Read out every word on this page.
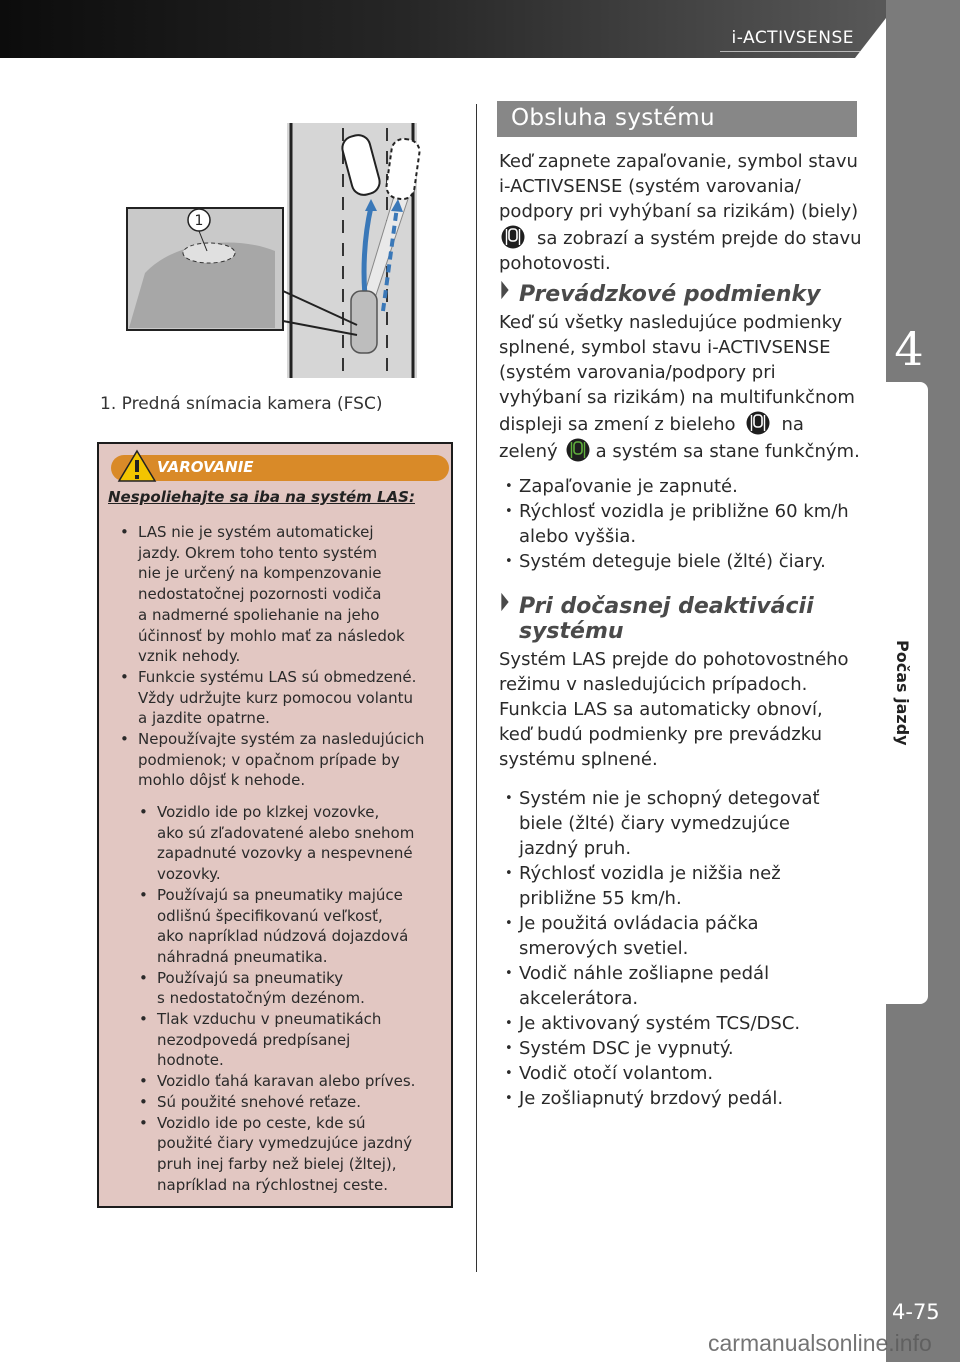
i-ACTIVSENSE
4
Počas jazdy
4-75
carmanualsonline.info
1
1. Predná snímacia kamera (FSC)
VAROVANIE
Nespoliehajte sa iba na systém LAS:
• LAS nie je systém automatickej
jazdy. Okrem toho tento systém
nie je určený na kompenzovanie
nedostatočnej pozornosti vodiča
a nadmerné spoliehanie na jeho
účinnosť by mohlo mať za následok
vznik nehody.
• Funkcie systému LAS sú obmedzené.
Vždy udržujte kurz pomocou volantu
a jazdite opatrne.
• Nepoužívajte systém za nasledujúcich
podmienok; v opačnom prípade by
mohlo dôjsť k nehode.
• Vozidlo ide po klzkej vozovke,
ako sú zľadovatené alebo snehom
zapadnuté vozovky a nespevnené
vozovky.
• Používajú sa pneumatiky majúce
odlišnú špecifikovanú veľkosť,
ako napríklad núdzová dojazdová
náhradná pneumatika.
• Používajú sa pneumatiky
s nedostatočným dezénom.
• Tlak vzduchu v pneumatikách
nezodpovedá predpísanej
hodnote.
• Vozidlo ťahá karavan alebo príves.
• Sú použité snehové reťaze.
• Vozidlo ide po ceste, kde sú
použité čiary vymedzujúce jazdný
pruh inej farby než bielej (žltej),
napríklad na rýchlostnej ceste.
Obsluha systému
Keď zapnete zapaľovanie, symbol stavu
i-ACTIVSENSE (systém varovania/
podpory pri vyhýbaní sa rizikám) (biely)
sa zobrazí a systém prejde do stavu
pohotovosti.
Prevádzkové podmienky
Keď sú všetky nasledujúce podmienky
splnené, symbol stavu i-ACTIVSENSE
(systém varovania/podpory pri
vyhýbaní sa rizikám) na multifunkčnom
displeji sa zmení z bieleho	na
zelený a systém sa stane funkčným.
• Zapaľovanie je zapnuté.
• Rýchlosť vozidla je približne 60 km/h
alebo vyššia.
• Systém deteguje biele (žlté) čiary.
Pri dočasnej deaktivácii
systému
Systém LAS prejde do pohotovostného
režimu v nasledujúcich prípadoch.
Funkcia LAS sa automaticky obnoví,
keď budú podmienky pre prevádzku
systému splnené.
• Systém nie je schopný detegovať
biele (žlté) čiary vymedzujúce
jazdný pruh.
• Rýchlosť vozidla je nižšia než
približne 55 km/h.
• Je použitá ovládacia páčka
smerových svetiel.
• Vodič náhle zošliapne pedál
akcelerátora.
• Je aktivovaný systém TCS/DSC.
• Systém DSC je vypnutý.
• Vodič otočí volantom.
• Je zošliapnutý brzdový pedál.
